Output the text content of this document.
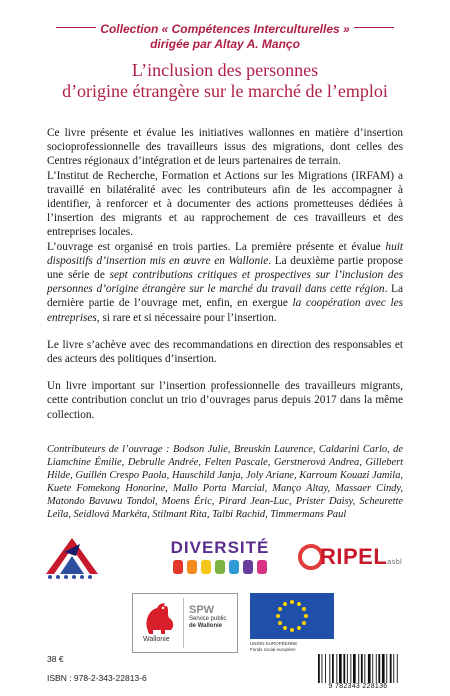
Collection « Compétences Interculturelles »
dirigée par Altay A. Manço
L’inclusion des personnes
d’origine étrangère sur le marché de l’emploi

Ce livre présente et évalue les initiatives wallonnes en matière d’insertion socioprofessionnelle des travailleurs issus des migrations, dont celles des Centres régionaux d’intégration et de leurs partenaires de terrain.

L’Institut de Recherche, Formation et Actions sur les Migrations (IRFAM) a travaillé en bilatéralité avec les contributeurs afin de les accompagner à identifier, à renforcer et à documenter des actions prometteuses dédiées à l’insertion des migrants et au rapprochement de ces travailleurs et des entreprises locales.

L’ouvrage est organisé en trois parties. La première présente et évalue huit dispositifs d’insertion mis en œuvre en Wallonie. La deuxième partie propose une série de sept contributions critiques et prospectives sur l’inclusion des personnes d’origine étrangère sur le marché du travail dans cette région. La dernière partie de l’ouvrage met, enfin, en exergue la coopération avec les entreprises, si rare et si nécessaire pour l’insertion.

Le livre s’achève avec des recommandations en direction des responsables et des acteurs des politiques d’insertion.

Un livre important sur l’insertion professionnelle des travailleurs migrants, cette contribution conclut un trio d’ouvrages parus depuis 2017 dans la même collection.

Contributeurs de l’ouvrage : Bodson Julie, Breuskin Laurence, Caldarini Carlo, de Liamchine Émilie, Debrulle Andrée, Felten Pascale, Gerstnerová Andrea, Gillebert Hilde, Guillén Crespo Paola, Hauschild Janja, Joly Ariane, Karroum Kouazi Jamila, Kuete Fomekong Honorine, Mallo Porta Marcial, Manço Altay, Massaer Cindy, Matondo Bavuwu Tondol, Moens Éric, Pirard Jean-Luc, Prister Daisy, Scheurette Leïla, Seidlová Markéta, Stilmant Rita, Talbi Rachid, Timmermans Paul
DIVERSITÉ	RIPELasbl
Wallonie
SPW
Service public
de Wallonie
UNION EUROPÉENNE
Fonds social européen
38 €
ISBN : 978-2-343-22813-6
9 782343 228136
